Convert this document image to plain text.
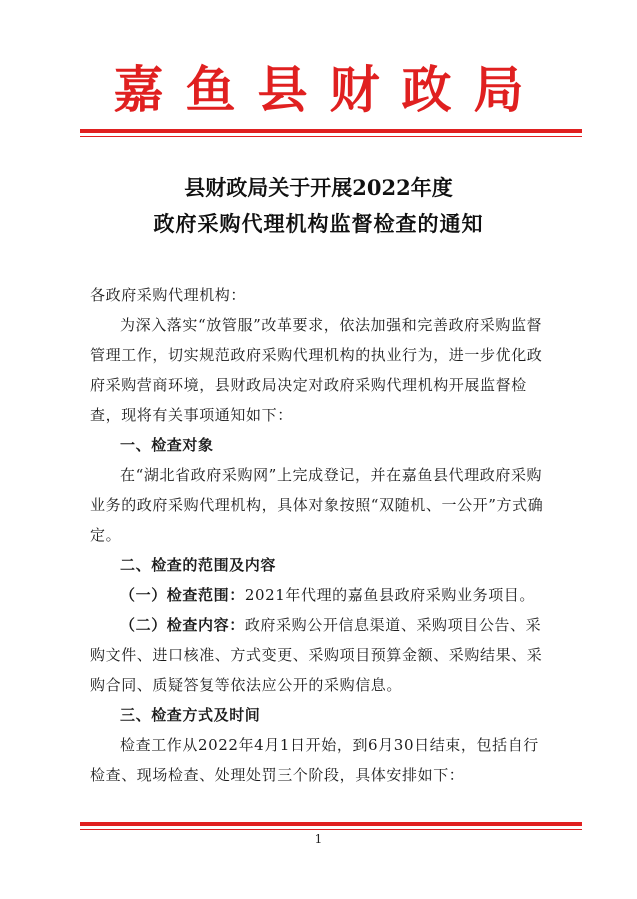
嘉鱼县财政局
县财政局关于开展2022年度
政府采购代理机构监督检查的通知

各政府采购代理机构：

为深入落实“放管服”改革要求，依法加强和完善政府采购监督管理工作，切实规范政府采购代理机构的执业行为，进一步优化政府采购营商环境，县财政局决定对政府采购代理机构开展监督检查，现将有关事项通知如下：

一、检查对象

在“湖北省政府采购网”上完成登记，并在嘉鱼县代理政府采购业务的政府采购代理机构，具体对象按照“双随机、一公开”方式确定。

二、检查的范围及内容

（一）检查范围：2021年代理的嘉鱼县政府采购业务项目。

（二）检查内容：政府采购公开信息渠道、采购项目公告、采购文件、进口核准、方式变更、采购项目预算金额、采购结果、采购合同、质疑答复等依法应公开的采购信息。

三、检查方式及时间

检查工作从2022年4月1日开始，到6月30日结束，包括自行检查、现场检查、处理处罚三个阶段，具体安排如下：

1
